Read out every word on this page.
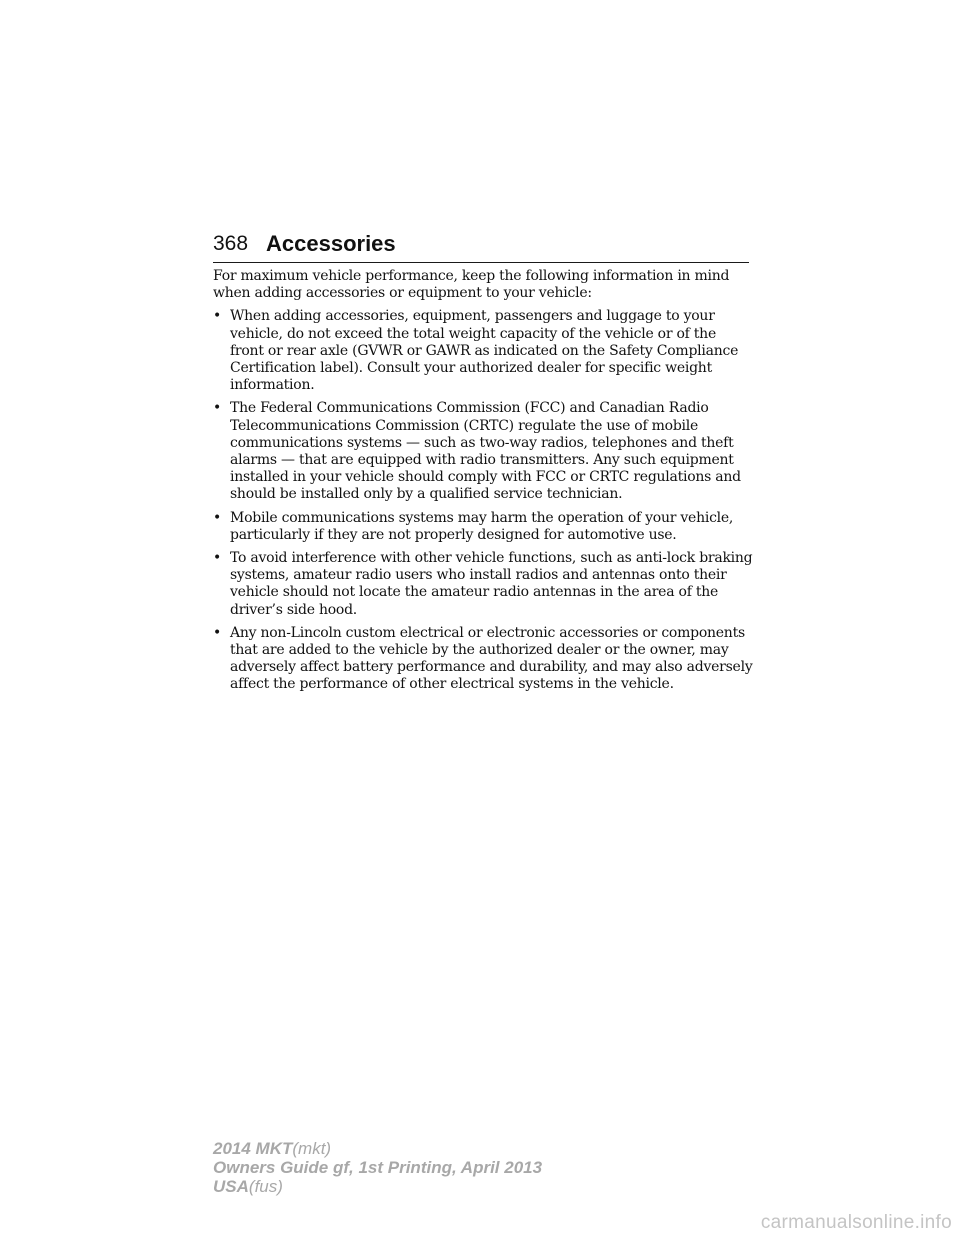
368 Accessories

For maximum vehicle performance, keep the following information in mind when adding accessories or equipment to your vehicle:

• When adding accessories, equipment, passengers and luggage to your vehicle, do not exceed the total weight capacity of the vehicle or of the front or rear axle (GVWR or GAWR as indicated on the Safety Compliance Certification label). Consult your authorized dealer for specific weight information.
• The Federal Communications Commission (FCC) and Canadian Radio Telecommunications Commission (CRTC) regulate the use of mobile communications systems — such as two-way radios, telephones and theft alarms — that are equipped with radio transmitters. Any such equipment installed in your vehicle should comply with FCC or CRTC regulations and should be installed only by a qualified service technician.
• Mobile communications systems may harm the operation of your vehicle, particularly if they are not properly designed for automotive use.
• To avoid interference with other vehicle functions, such as anti-lock braking systems, amateur radio users who install radios and antennas onto their vehicle should not locate the amateur radio antennas in the area of the driver’s side hood.
• Any non-Lincoln custom electrical or electronic accessories or components that are added to the vehicle by the authorized dealer or the owner, may adversely affect battery performance and durability, and may also adversely affect the performance of other electrical systems in the vehicle.
2014 MKT(mkt)
Owners Guide gf, 1st Printing, April 2013
USA(fus)
carmanualsonline.info
